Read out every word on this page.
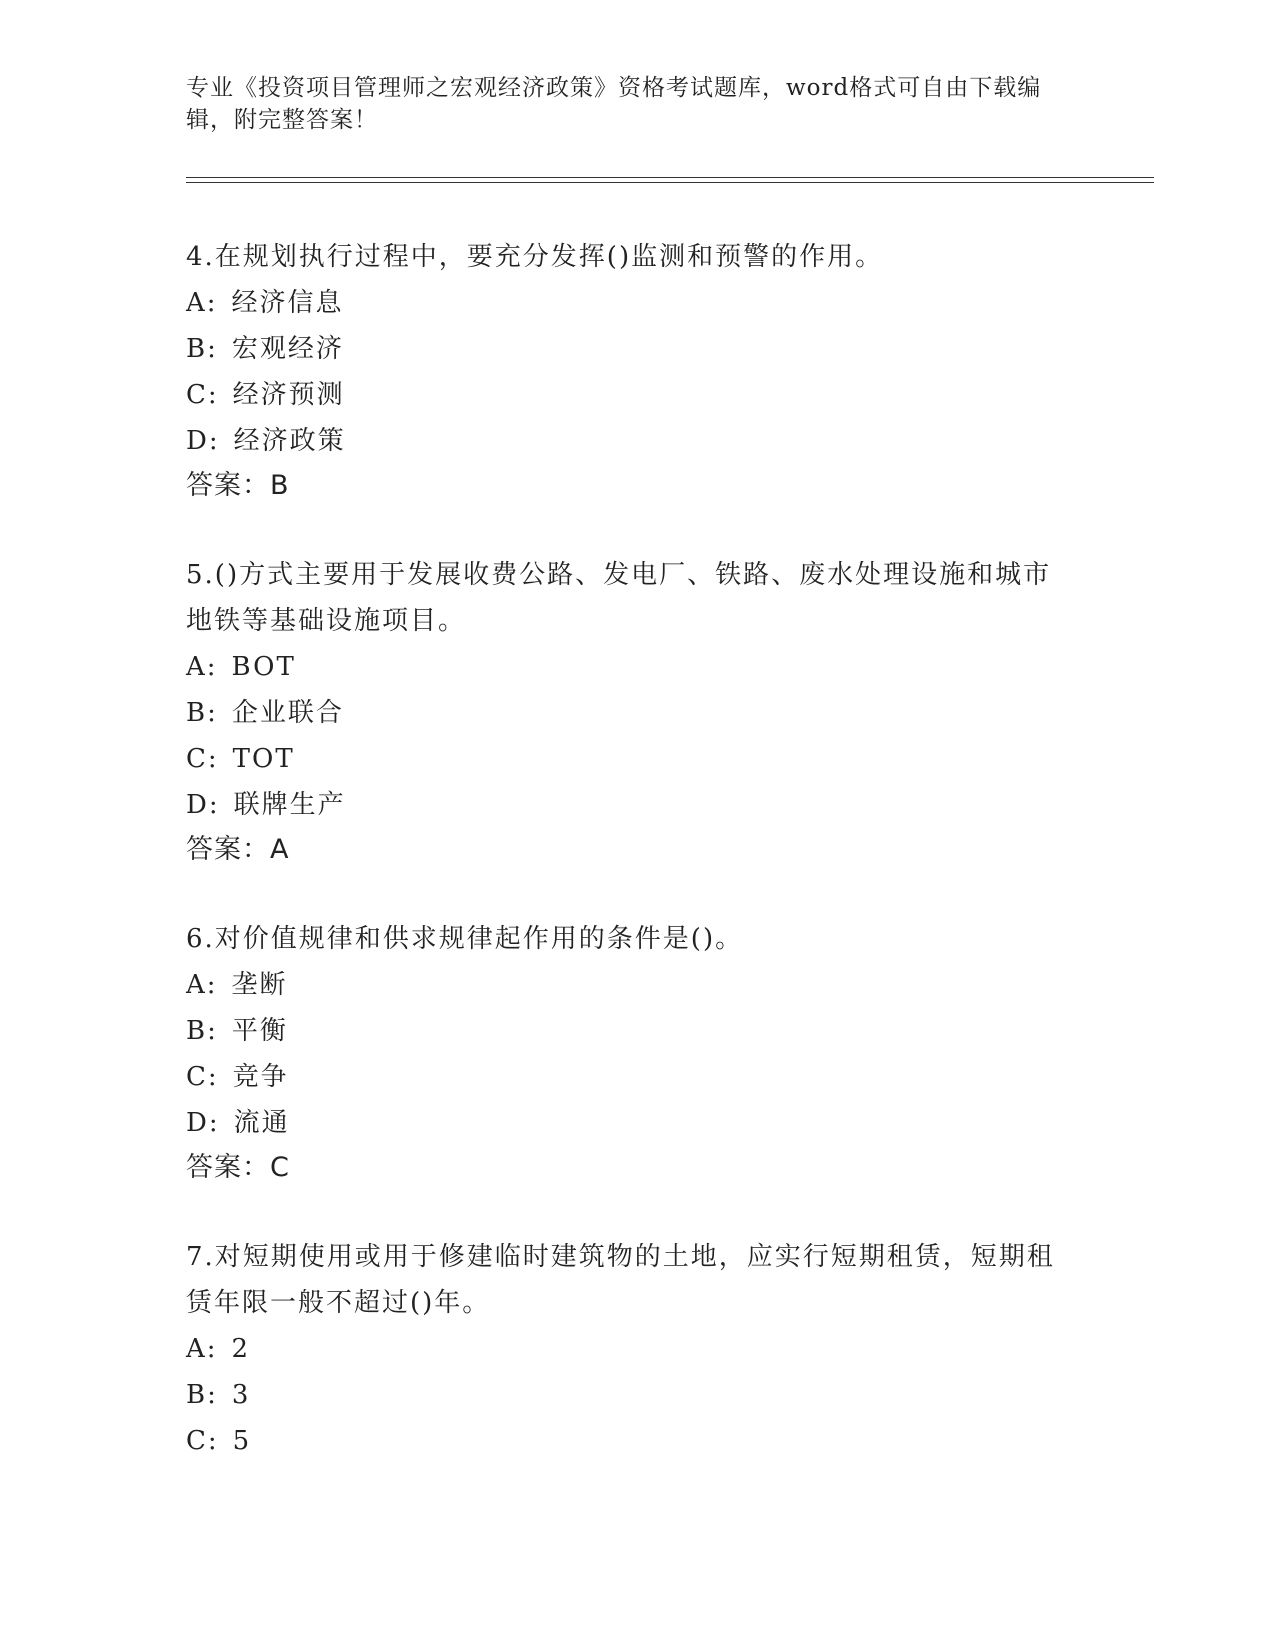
专业《投资项目管理师之宏观经济政策》资格考试题库，word格式可自由下载编辑，附完整答案！

4.在规划执行过程中，要充分发挥()监测和预警的作用。

A: 经济信息

B: 宏观经济

C: 经济预测

D: 经济政策

答案：B

5.()方式主要用于发展收费公路、发电厂、铁路、废水处理设施和城市地铁等基础设施项目。

A: BOT

B: 企业联合

C: TOT

D: 联牌生产

答案：A

6.对价值规律和供求规律起作用的条件是()。

A: 垄断

B: 平衡

C: 竞争

D: 流通

答案：C

7.对短期使用或用于修建临时建筑物的土地，应实行短期租赁，短期租赁年限一般不超过()年。

A: 2

B: 3

C: 5
